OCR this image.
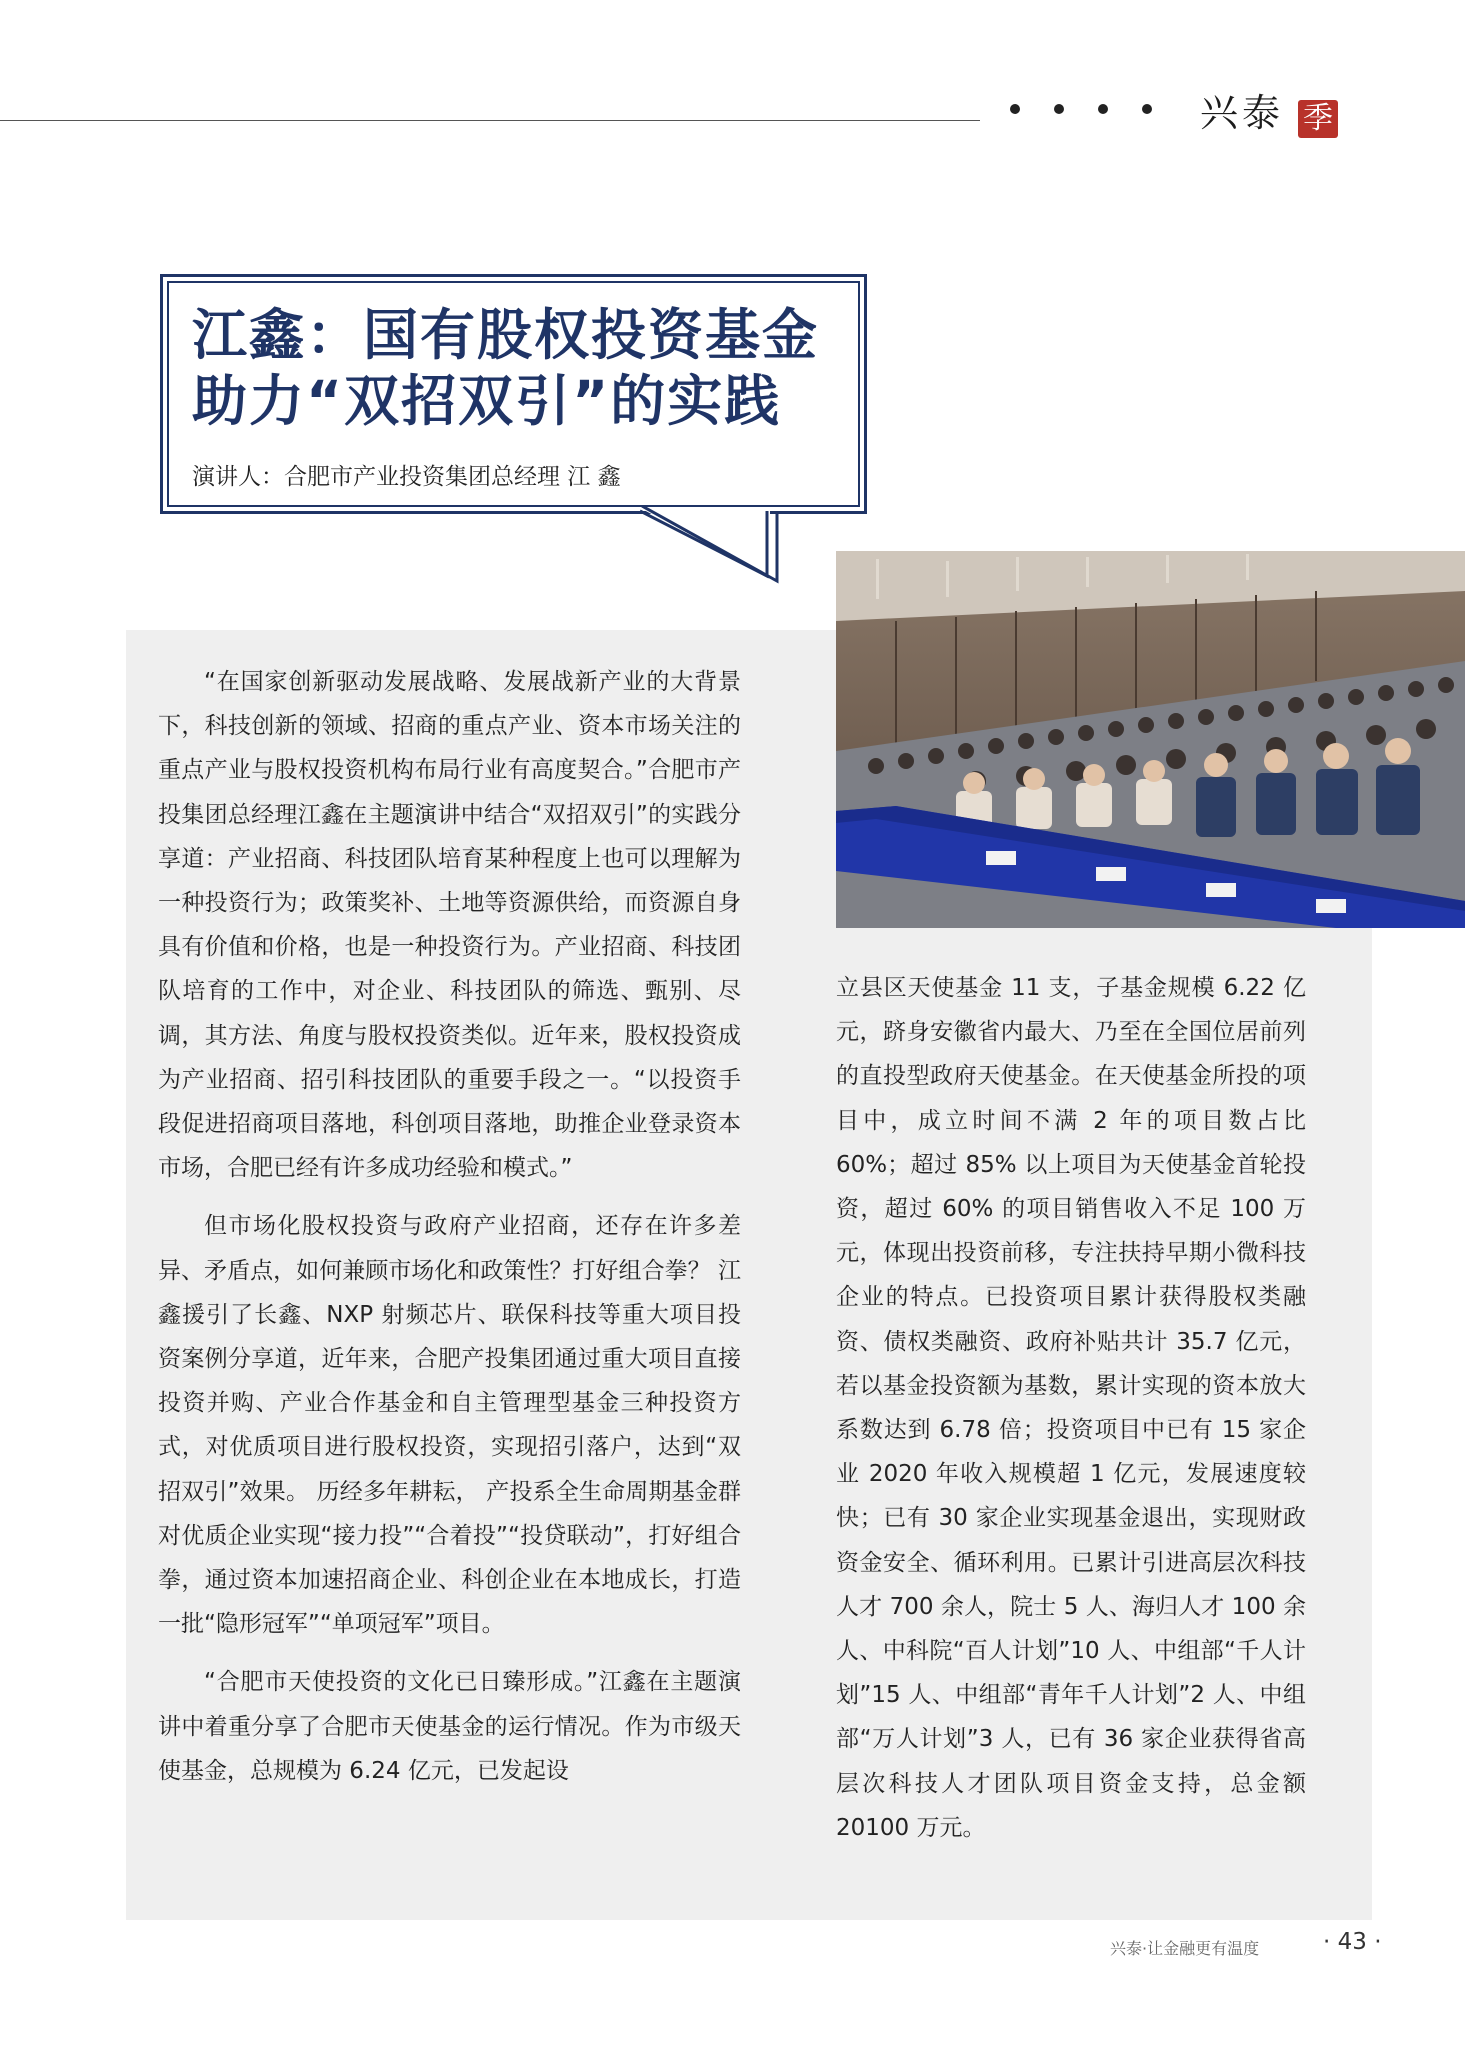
兴泰 季
江鑫：国有股权投资基金
助力“双招双引”的实践
演讲人：合肥市产业投资集团总经理 江 鑫

“在国家创新驱动发展战略、发展战新产业的大背景下，科技创新的领域、招商的重点产业、资本市场关注的重点产业与股权投资机构布局行业有高度契合。”合肥市产投集团总经理江鑫在主题演讲中结合“双招双引”的实践分享道：产业招商、科技团队培育某种程度上也可以理解为一种投资行为；政策奖补、土地等资源供给，而资源自身具有价值和价格，也是一种投资行为。产业招商、科技团队培育的工作中，对企业、科技团队的筛选、甄别、尽调，其方法、角度与股权投资类似。近年来，股权投资成为产业招商、招引科技团队的重要手段之一。“以投资手段促进招商项目落地，科创项目落地，助推企业登录资本市场，合肥已经有许多成功经验和模式。”

但市场化股权投资与政府产业招商，还存在许多差异、矛盾点，如何兼顾市场化和政策性？打好组合拳？ 江鑫援引了长鑫、NXP 射频芯片、联保科技等重大项目投资案例分享道，近年来，合肥产投集团通过重大项目直接投资并购、产业合作基金和自主管理型基金三种投资方式，对优质项目进行股权投资，实现招引落户，达到“双招双引”效果。 历经多年耕耘， 产投系全生命周期基金群对优质企业实现“接力投”“合着投”“投贷联动”，打好组合拳，通过资本加速招商企业、科创企业在本地成长，打造一批“隐形冠军”“单项冠军”项目。

“合肥市天使投资的文化已日臻形成。”江鑫在主题演讲中着重分享了合肥市天使基金的运行情况。作为市级天使基金，总规模为 6.24 亿元，已发起设

立县区天使基金 11 支，子基金规模 6.22 亿元，跻身安徽省内最大、乃至在全国位居前列的直投型政府天使基金。在天使基金所投的项目中，成立时间不满 2 年的项目数占比 60%；超过 85% 以上项目为天使基金首轮投资，超过 60% 的项目销售收入不足 100 万元，体现出投资前移，专注扶持早期小微科技企业的特点。已投资项目累计获得股权类融资、债权类融资、政府补贴共计 35.7 亿元，若以基金投资额为基数，累计实现的资本放大系数达到 6.78 倍；投资项目中已有 15 家企业 2020 年收入规模超 1 亿元，发展速度较快；已有 30 家企业实现基金退出，实现财政资金安全、循环利用。已累计引进高层次科技人才 700 余人，院士 5 人、海归人才 100 余人、中科院“百人计划”10 人、中组部“千人计划”15 人、中组部“青年千人计划”2 人、中组部“万人计划”3 人，已有 36 家企业获得省高层次科技人才团队项目资金支持，总金额 20100 万元。

兴泰·让金融更有温度	· 43 ·
